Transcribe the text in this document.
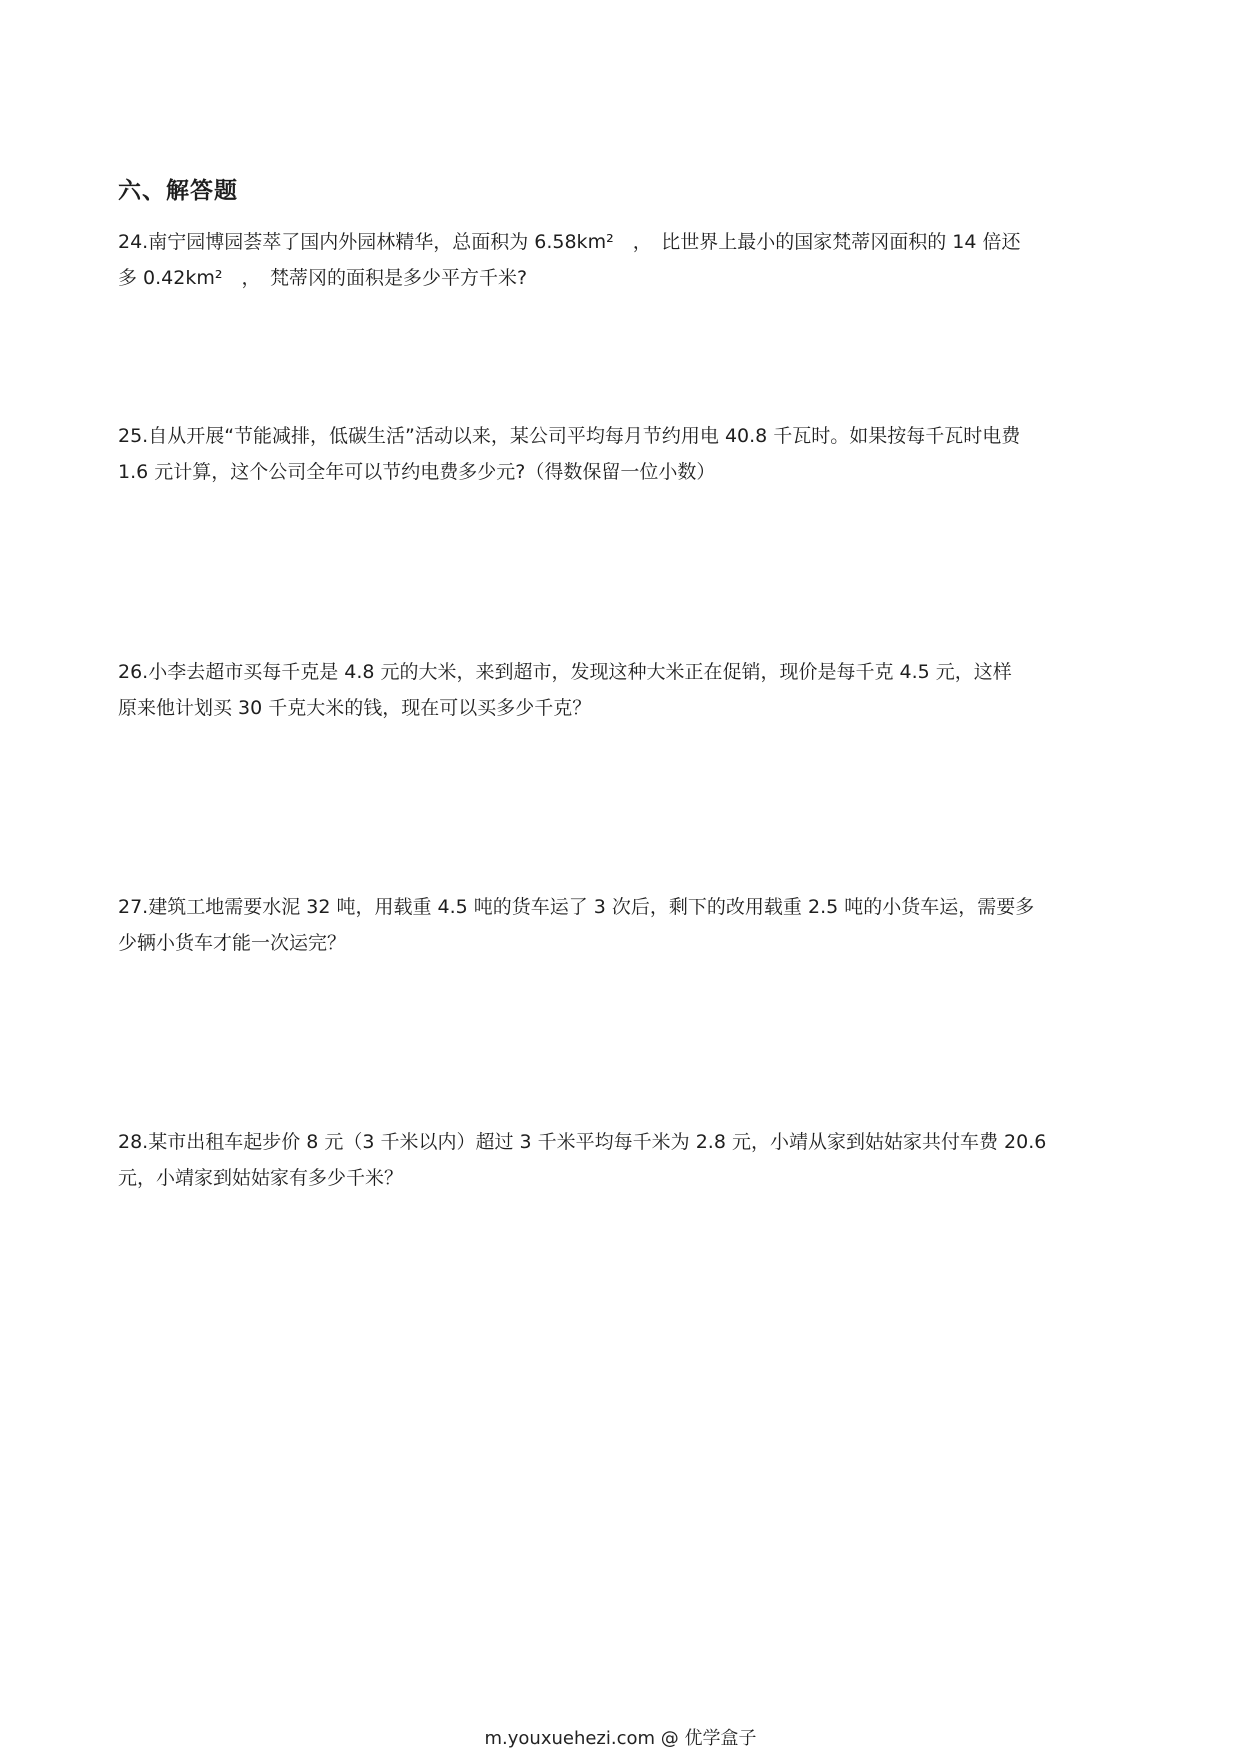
六、解答题
24.南宁园博园荟萃了国内外园林精华，总面积为 6.58km²　，　比世界上最小的国家梵蒂冈面积的 14 倍还
多 0.42km²　，　梵蒂冈的面积是多少平方千米?
25.自从开展“节能减排，低碳生活”活动以来，某公司平均每月节约用电 40.8 千瓦时。如果按每千瓦时电费
1.6 元计算，这个公司全年可以节约电费多少元?（得数保留一位小数）
26.小李去超市买每千克是 4.8 元的大米，来到超市，发现这种大米正在促销，现价是每千克 4.5 元，这样
原来他计划买 30 千克大米的钱，现在可以买多少千克？
27.建筑工地需要水泥 32 吨，用载重 4.5 吨的货车运了 3 次后，剩下的改用载重 2.5 吨的小货车运，需要多
少辆小货车才能一次运完？
28.某市出租车起步价 8 元（3 千米以内）超过 3 千米平均每千米为 2.8 元，小靖从家到姑姑家共付车费 20.6
元，小靖家到姑姑家有多少千米？
m.youxuehezi.com @ 优学盒子
